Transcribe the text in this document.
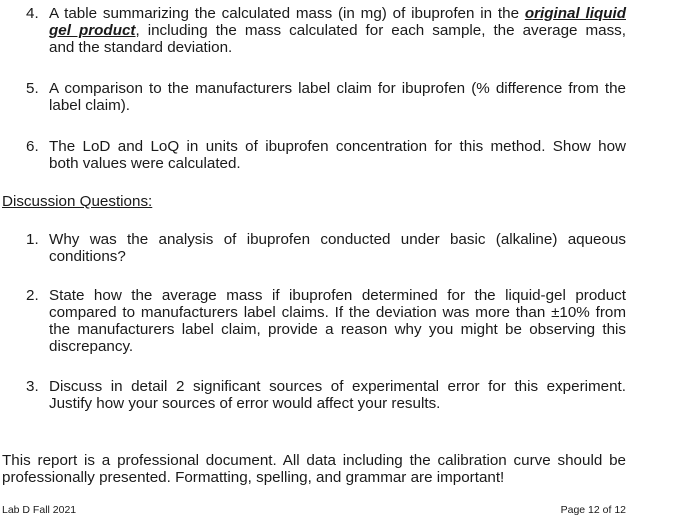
4. A table summarizing the calculated mass (in mg) of ibuprofen in the original liquid
gel product, including the mass calculated for each sample, the average mass,
and the standard deviation.
5. A comparison to the manufacturers label claim for ibuprofen (% difference from the
label claim).
6. The LoD and LoQ in units of ibuprofen concentration for this method. Show how
both values were calculated.
Discussion Questions:
1. Why was the analysis of ibuprofen conducted under basic (alkaline) aqueous
conditions?
2. State how the average mass if ibuprofen determined for the liquid-gel product
compared to manufacturers label claims. If the deviation was more than ±10% from
the manufacturers label claim, provide a reason why you might be observing this
discrepancy.
3. Discuss in detail 2 significant sources of experimental error for this experiment.
Justify how your sources of error would affect your results.
This report is a professional document. All data including the calibration curve should be
professionally presented. Formatting, spelling, and grammar are important!
Lab D Fall 2021	Page 12 of 12
